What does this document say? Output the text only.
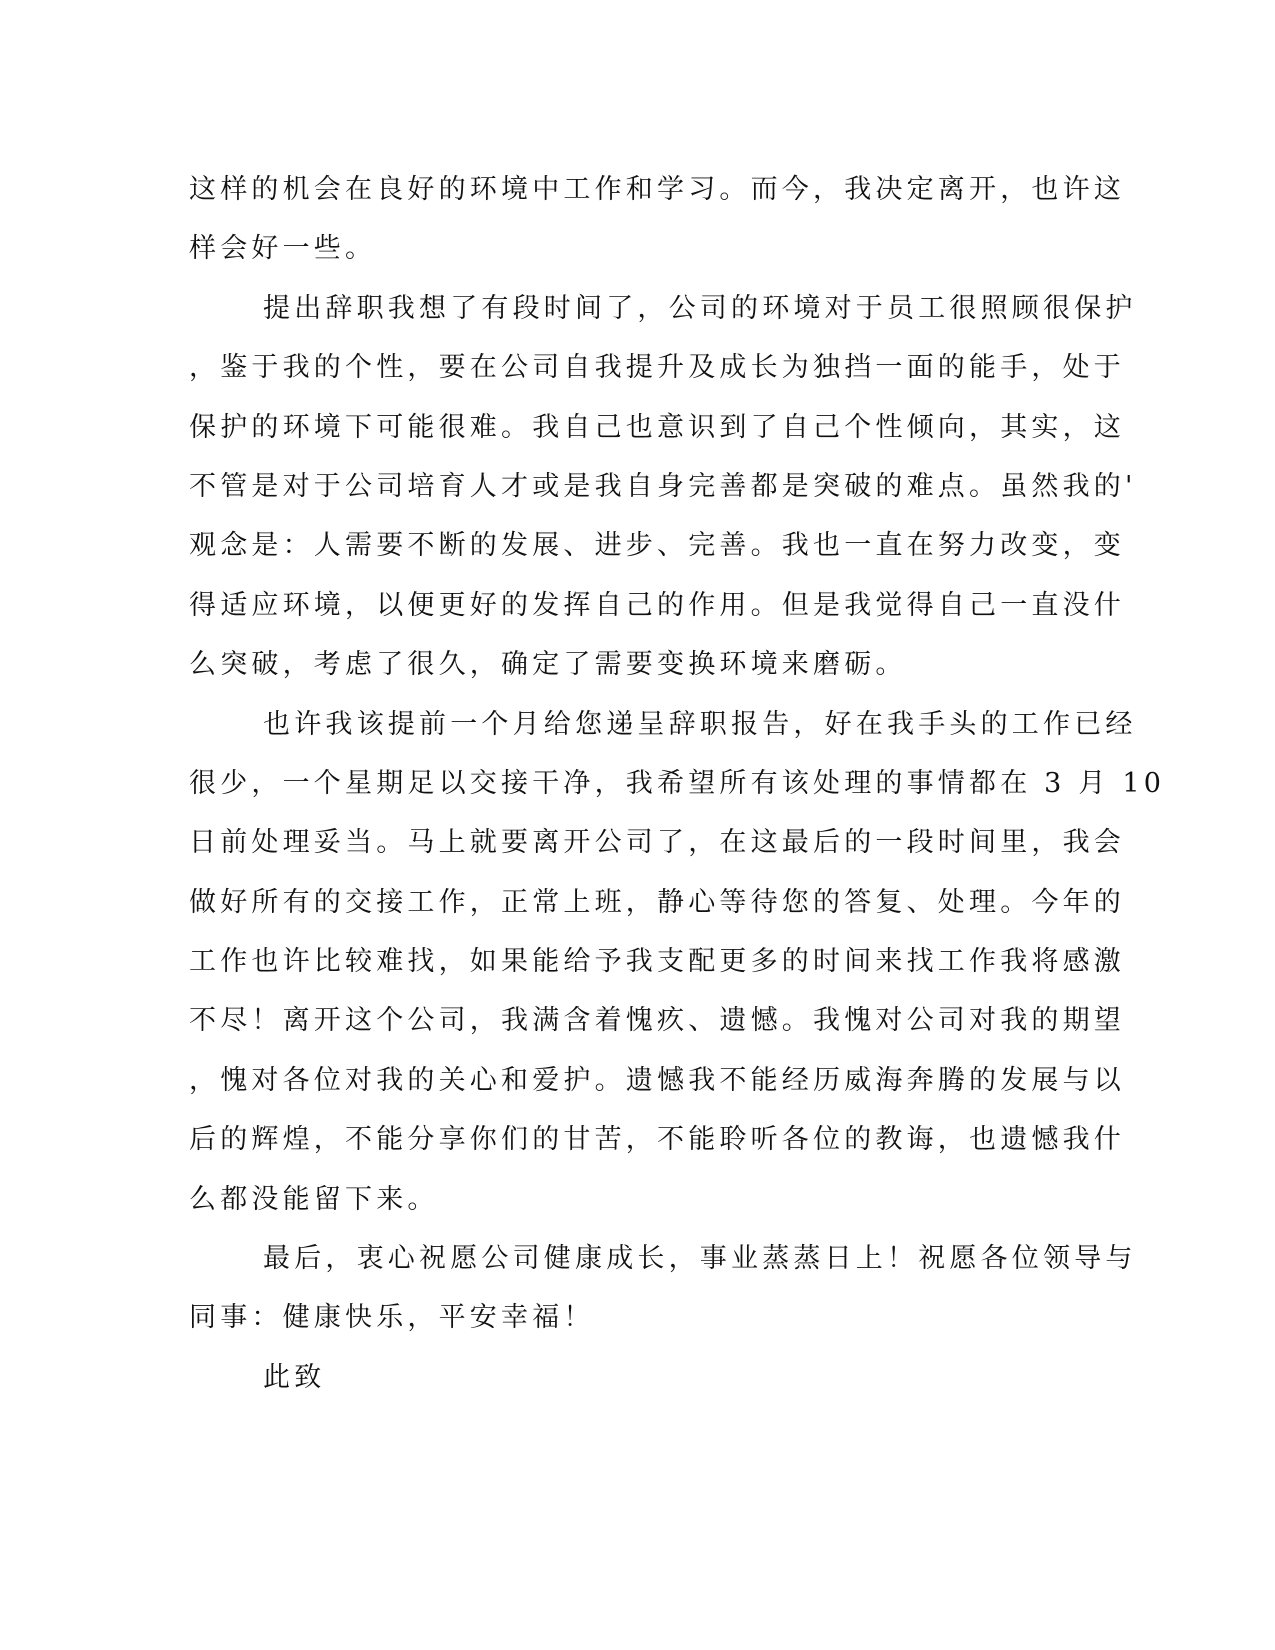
这样的机会在良好的环境中工作和学习。而今，我决定离开，也许这
样会好一些。
提出辞职我想了有段时间了，公司的环境对于员工很照顾很保护
，鉴于我的个性，要在公司自我提升及成长为独挡一面的能手，处于
保护的环境下可能很难。我自己也意识到了自己个性倾向，其实，这
不管是对于公司培育人才或是我自身完善都是突破的难点。虽然我的'
观念是：人需要不断的发展、进步、完善。我也一直在努力改变，变
得适应环境，以便更好的发挥自己的作用。但是我觉得自己一直没什
么突破，考虑了很久，确定了需要变换环境来磨砺。
也许我该提前一个月给您递呈辞职报告，好在我手头的工作已经
很少，一个星期足以交接干净，我希望所有该处理的事情都在 3 月 10
日前处理妥当。马上就要离开公司了，在这最后的一段时间里，我会
做好所有的交接工作，正常上班，静心等待您的答复、处理。今年的
工作也许比较难找，如果能给予我支配更多的时间来找工作我将感激
不尽！离开这个公司，我满含着愧疚、遗憾。我愧对公司对我的期望
，愧对各位对我的关心和爱护。遗憾我不能经历威海奔腾的发展与以
后的辉煌，不能分享你们的甘苦，不能聆听各位的教诲，也遗憾我什
么都没能留下来。
最后，衷心祝愿公司健康成长，事业蒸蒸日上！祝愿各位领导与
同事：健康快乐，平安幸福！
此致
